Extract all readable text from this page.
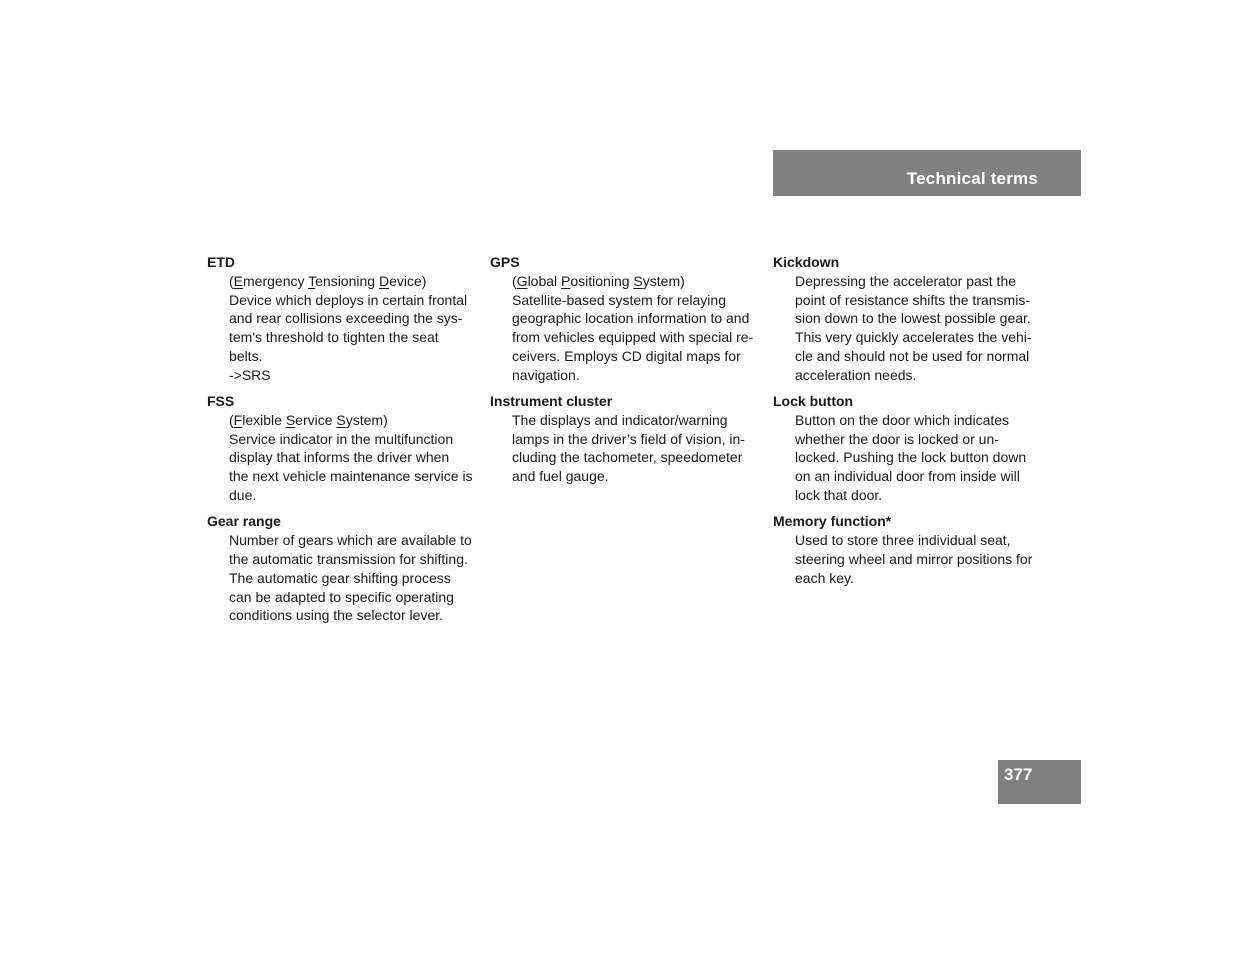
Technical terms
377
ETD
(Emergency Tensioning Device)
Device which deploys in certain frontal
and rear collisions exceeding the sys-
tem's threshold to tighten the seat
belts.
->SRS
FSS
(Flexible Service System)
Service indicator in the multifunction
display that informs the driver when
the next vehicle maintenance service is
due.
Gear range
Number of gears which are available to
the automatic transmission for shifting.
The automatic gear shifting process
can be adapted to specific operating
conditions using the selector lever.
GPS
(Global Positioning System)
Satellite-based system for relaying
geographic location information to and
from vehicles equipped with special re-
ceivers. Employs CD digital maps for
navigation.
Instrument cluster
The displays and indicator/warning
lamps in the driver’s field of vision, in-
cluding the tachometer, speedometer
and fuel gauge.
Kickdown
Depressing the accelerator past the
point of resistance shifts the transmis-
sion down to the lowest possible gear.
This very quickly accelerates the vehi-
cle and should not be used for normal
acceleration needs.
Lock button
Button on the door which indicates
whether the door is locked or un-
locked. Pushing the lock button down
on an individual door from inside will
lock that door.
Memory function*
Used to store three individual seat,
steering wheel and mirror positions for
each key.
